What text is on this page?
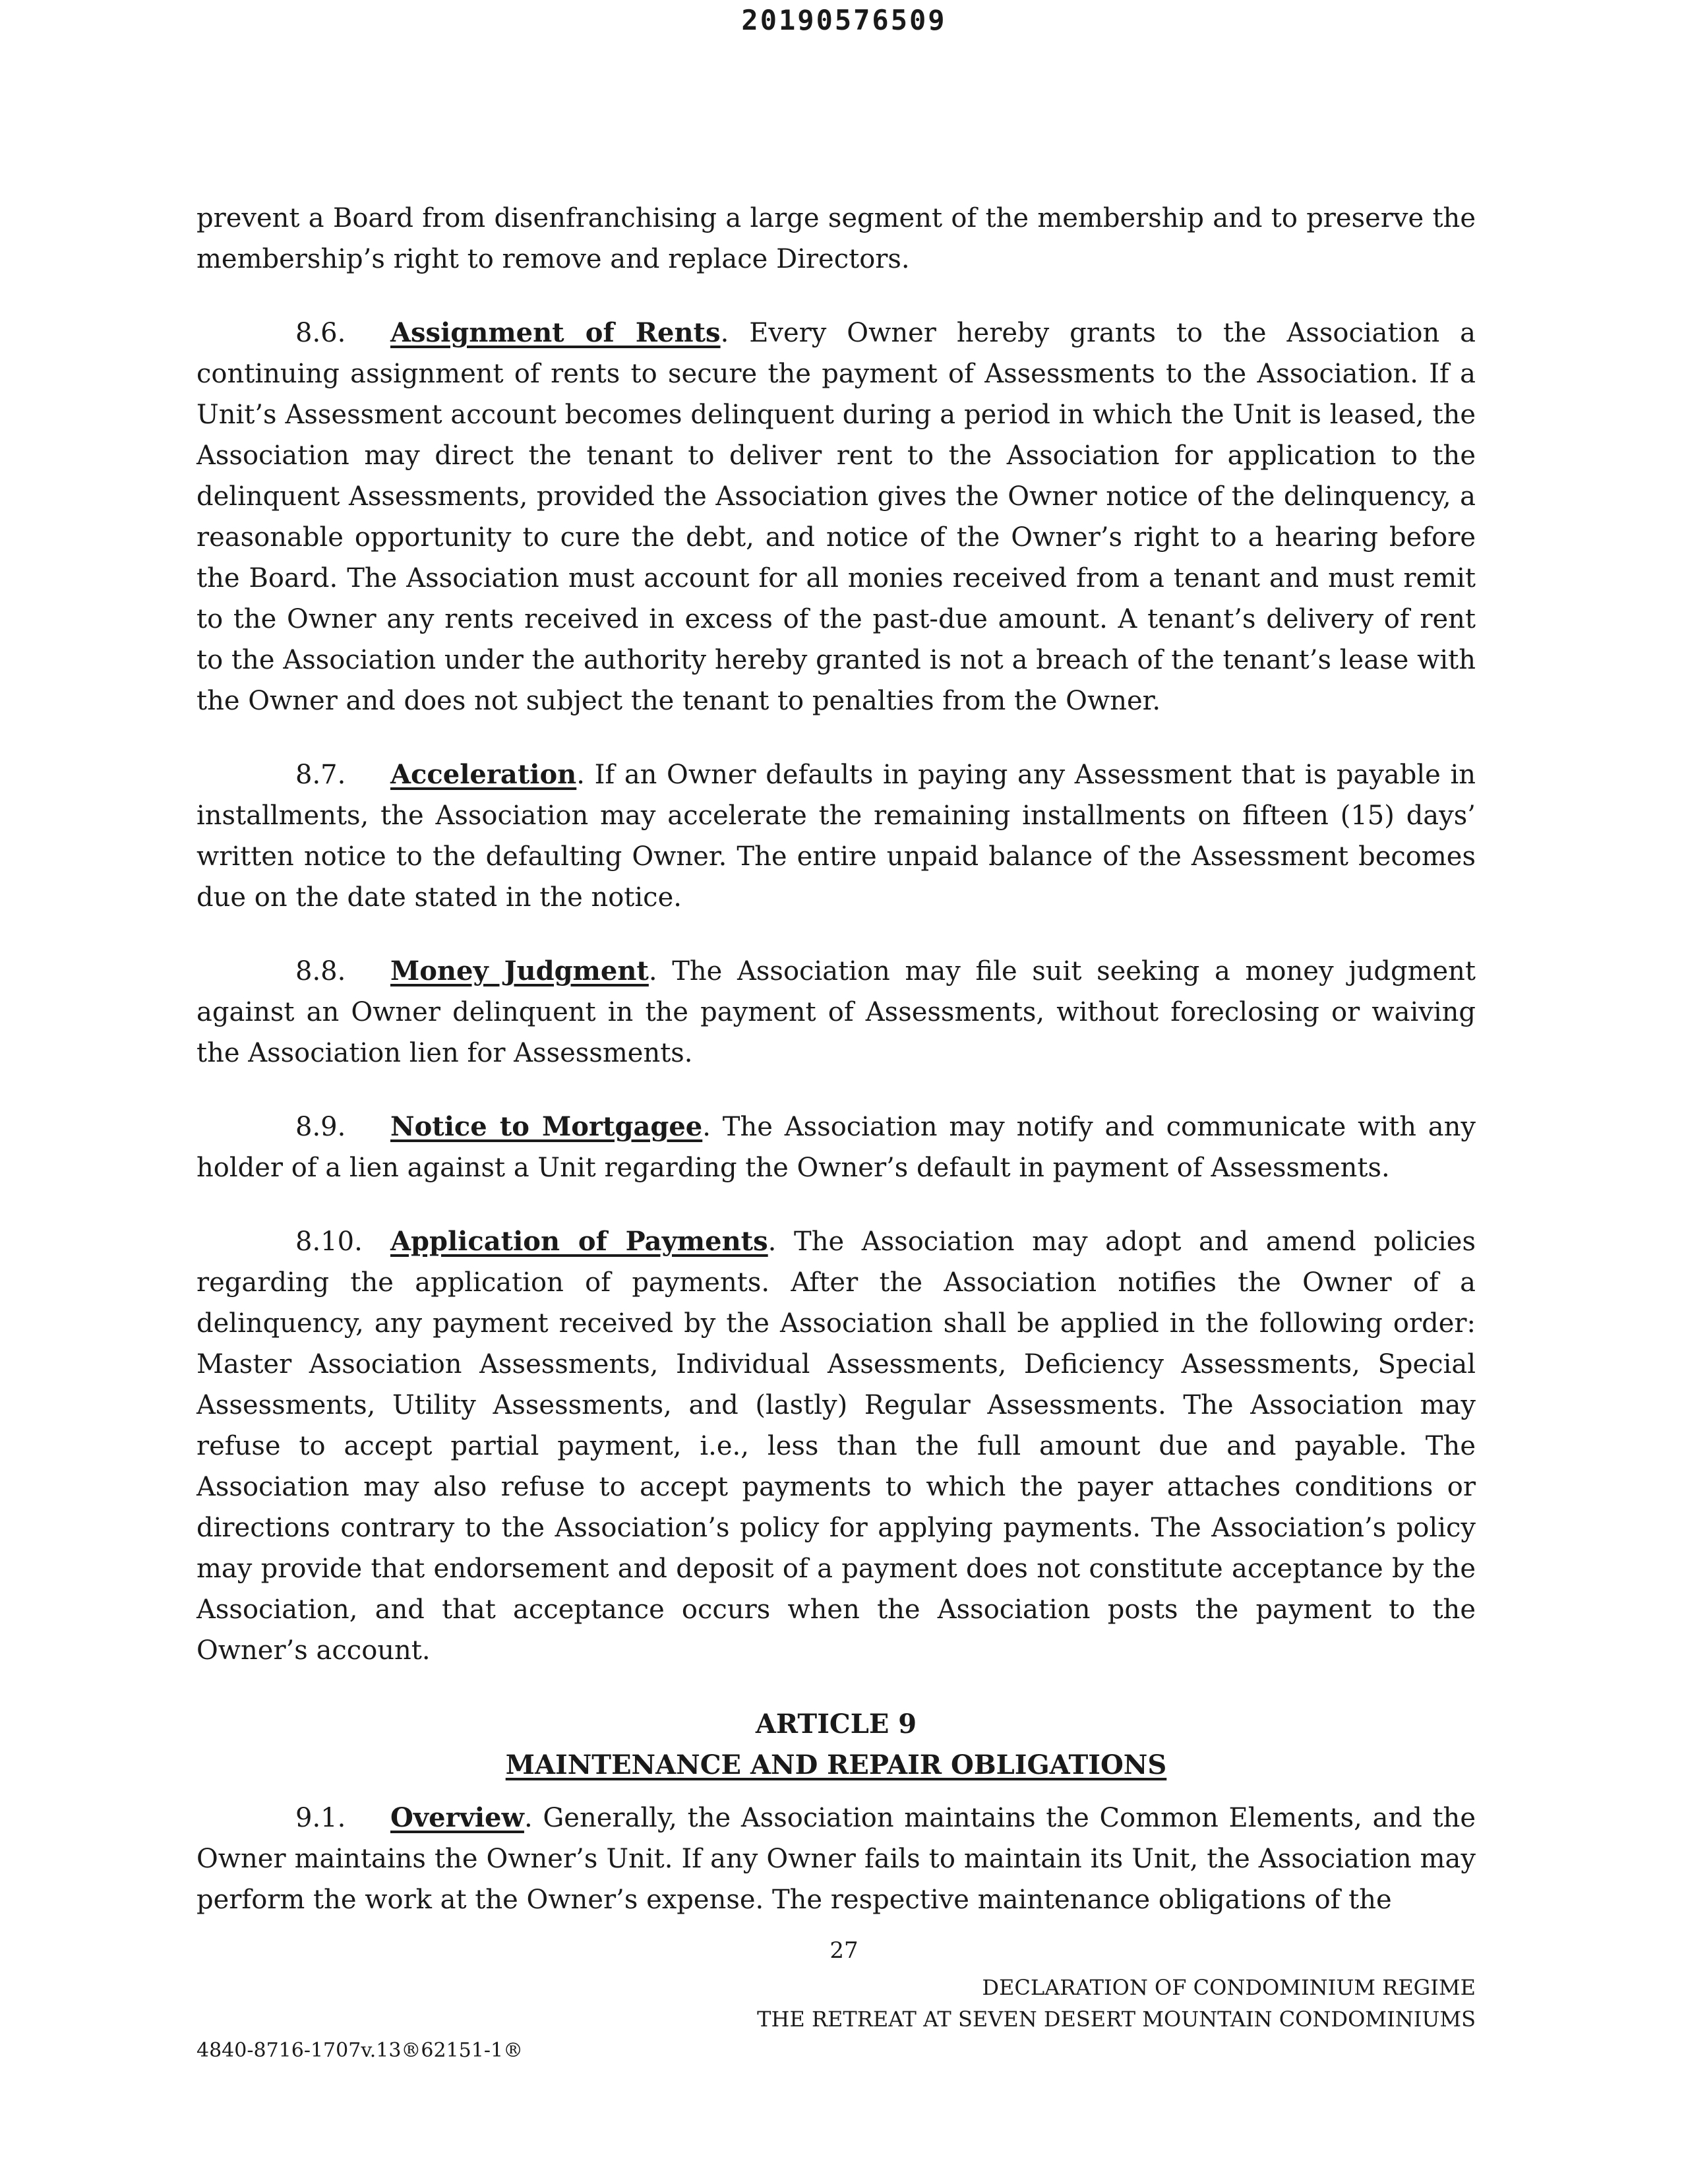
20190576509

prevent a Board from disenfranchising a large segment of the membership and to preserve the membership’s right to remove and replace Directors.

8.6. Assignment of Rents. Every Owner hereby grants to the Association a continuing assignment of rents to secure the payment of Assessments to the Association. If a Unit’s Assessment account becomes delinquent during a period in which the Unit is leased, the Association may direct the tenant to deliver rent to the Association for application to the delinquent Assessments, provided the Association gives the Owner notice of the delinquency, a reasonable opportunity to cure the debt, and notice of the Owner’s right to a hearing before the Board. The Association must account for all monies received from a tenant and must remit to the Owner any rents received in excess of the past-due amount. A tenant’s delivery of rent to the Association under the authority hereby granted is not a breach of the tenant’s lease with the Owner and does not subject the tenant to penalties from the Owner.

8.7. Acceleration. If an Owner defaults in paying any Assessment that is payable in installments, the Association may accelerate the remaining installments on fifteen (15) days’ written notice to the defaulting Owner. The entire unpaid balance of the Assessment becomes due on the date stated in the notice.

8.8. Money Judgment. The Association may file suit seeking a money judgment against an Owner delinquent in the payment of Assessments, without foreclosing or waiving the Association lien for Assessments.

8.9. Notice to Mortgagee. The Association may notify and communicate with any holder of a lien against a Unit regarding the Owner’s default in payment of Assessments.

8.10. Application of Payments. The Association may adopt and amend policies regarding the application of payments. After the Association notifies the Owner of a delinquency, any payment received by the Association shall be applied in the following order: Master Association Assessments, Individual Assessments, Deficiency Assessments, Special Assessments, Utility Assessments, and (lastly) Regular Assessments. The Association may refuse to accept partial payment, i.e., less than the full amount due and payable. The Association may also refuse to accept payments to which the payer attaches conditions or directions contrary to the Association’s policy for applying payments. The Association’s policy may provide that endorsement and deposit of a payment does not constitute acceptance by the Association, and that acceptance occurs when the Association posts the payment to the Owner’s account.

ARTICLE 9
MAINTENANCE AND REPAIR OBLIGATIONS

9.1. Overview. Generally, the Association maintains the Common Elements, and the Owner maintains the Owner’s Unit. If any Owner fails to maintain its Unit, the Association may perform the work at the Owner’s expense. The respective maintenance obligations of the

27
DECLARATION OF CONDOMINIUM REGIME
THE RETREAT AT SEVEN DESERT MOUNTAIN CONDOMINIUMS
4840-8716-1707v.13®62151-1®
